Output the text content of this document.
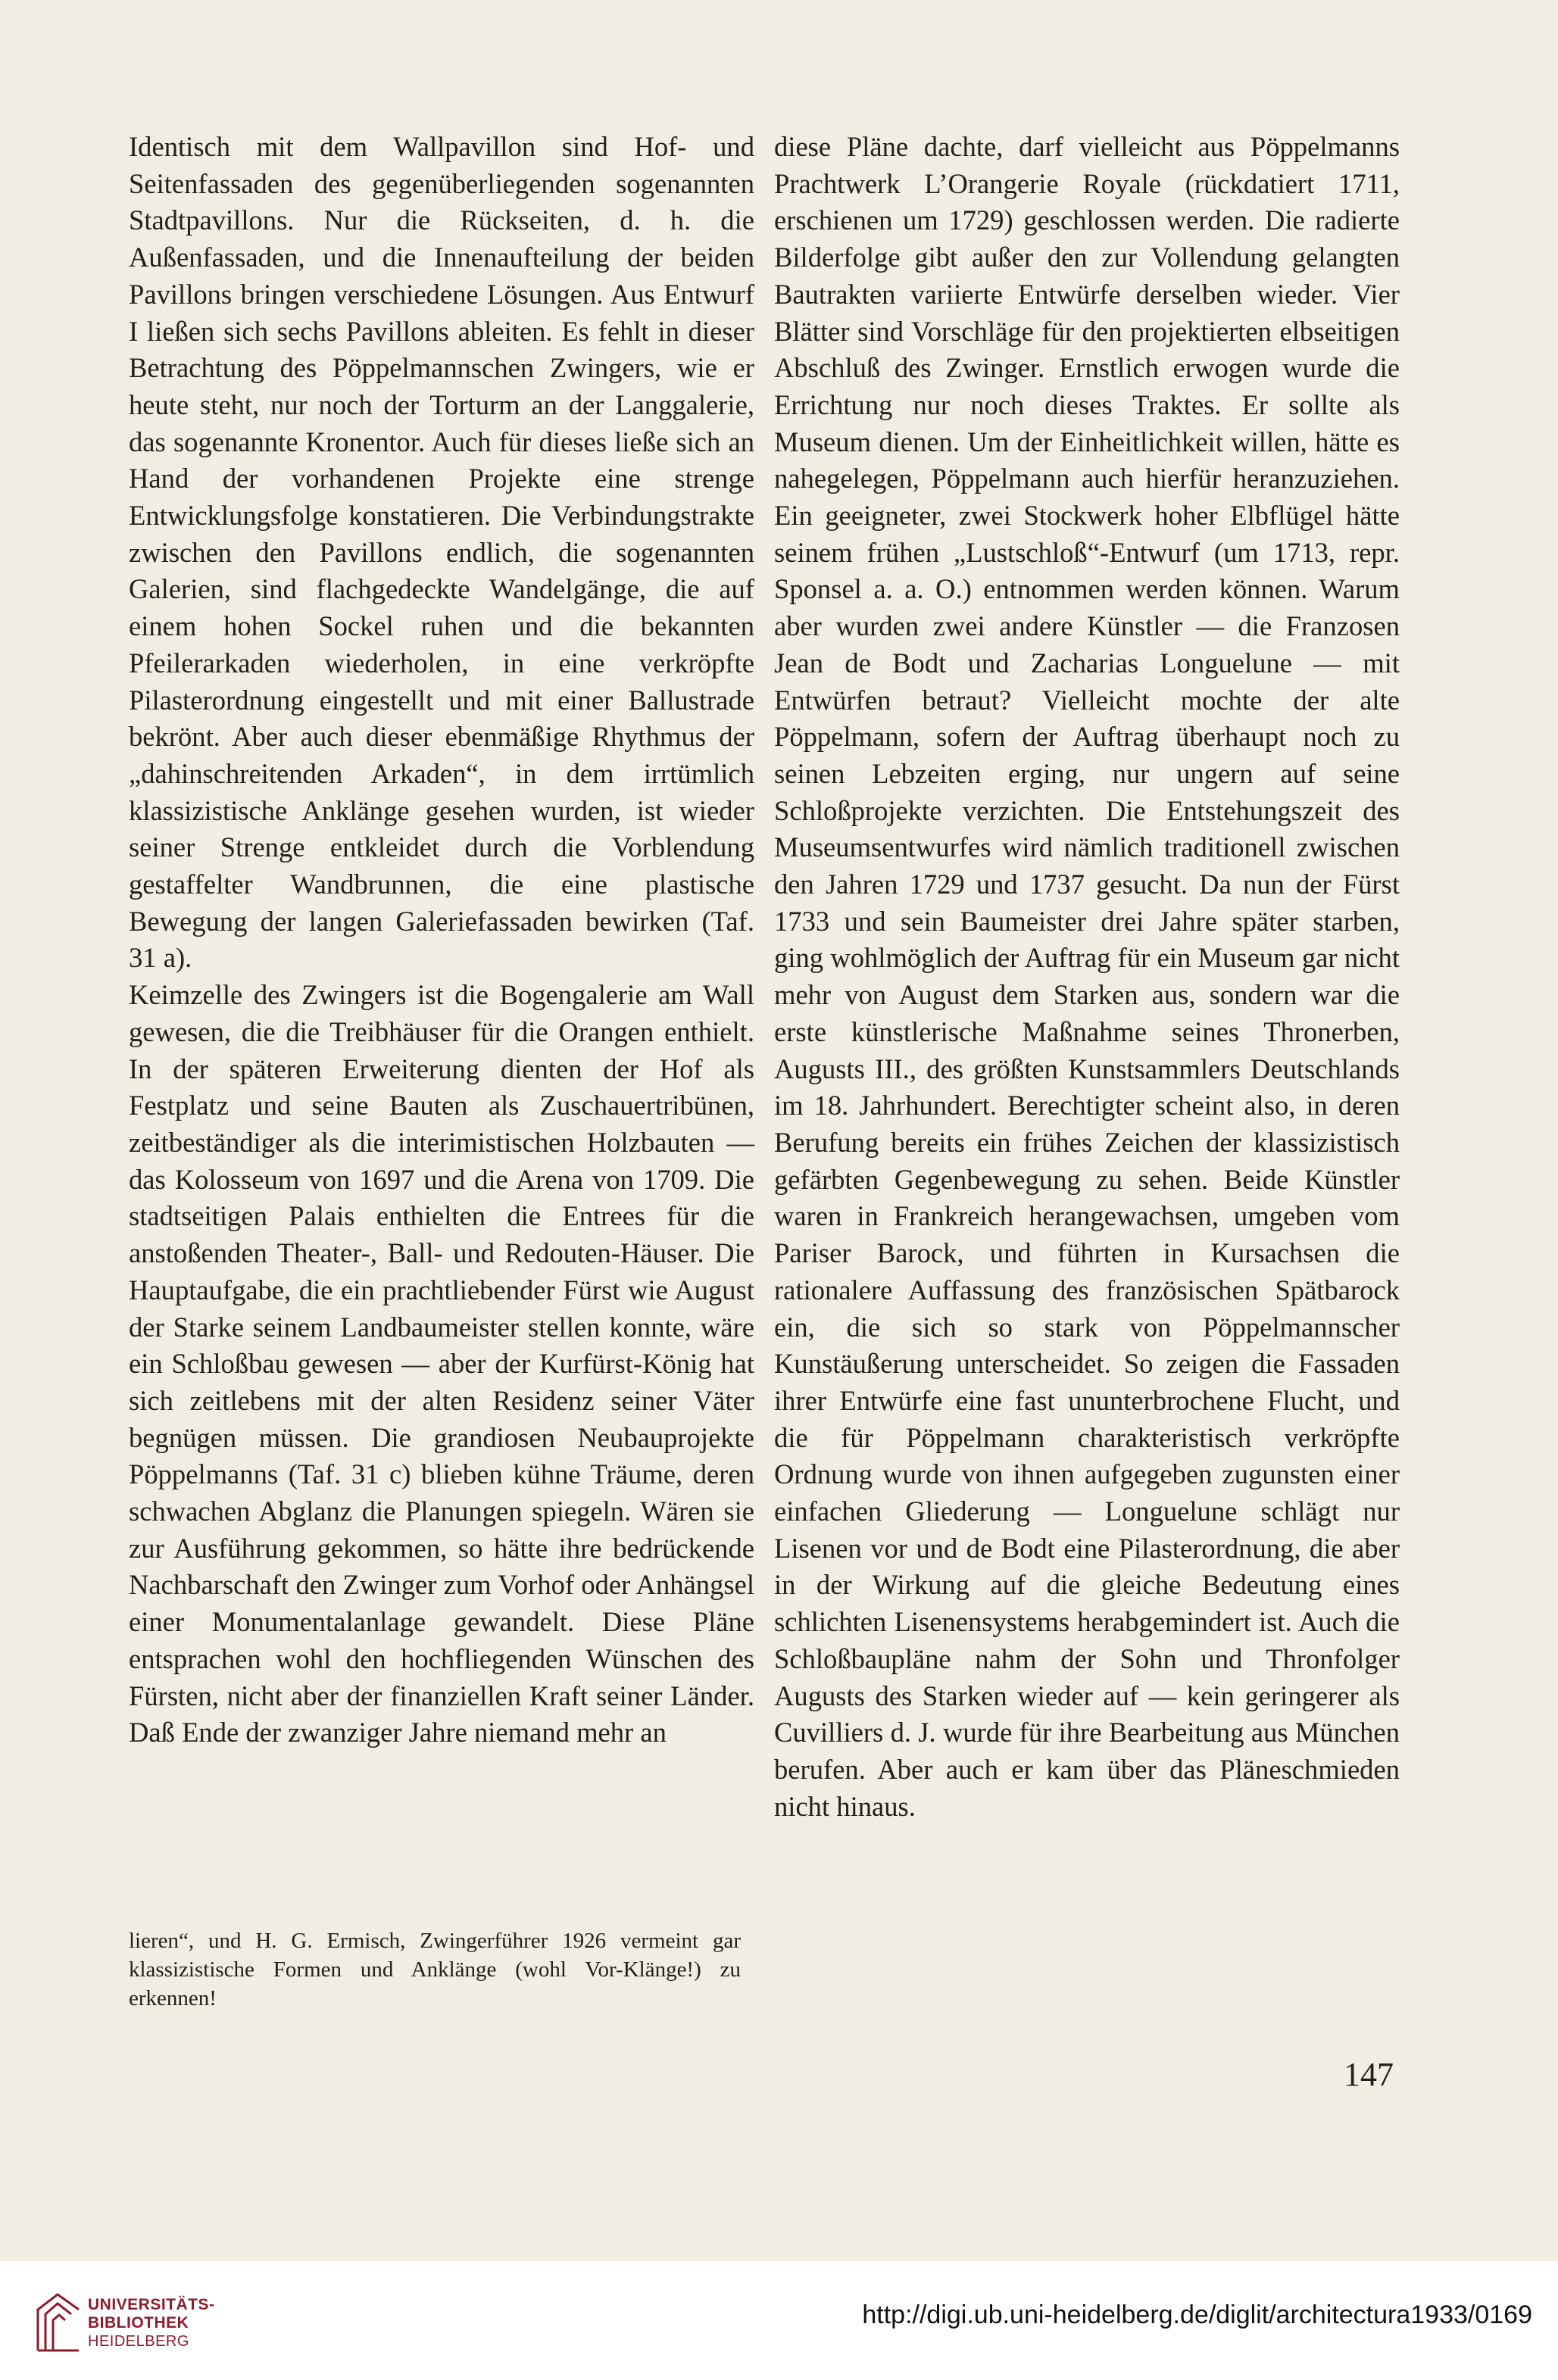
Identisch mit dem Wallpavillon sind Hof- und Seitenfassaden des gegenüberliegenden sogenannten Stadtpavillons. Nur die Rückseiten, d. h. die Außenfassaden, und die Innenaufteilung der beiden Pavillons bringen verschiedene Lösungen. Aus Entwurf I ließen sich sechs Pavillons ableiten. Es fehlt in dieser Betrachtung des Pöppelmannschen Zwingers, wie er heute steht, nur noch der Torturm an der Langgalerie, das sogenannte Kronentor. Auch für dieses ließe sich an Hand der vorhandenen Projekte eine strenge Entwicklungsfolge konstatieren. Die Verbindungstrakte zwischen den Pavillons endlich, die sogenannten Galerien, sind flachgedeckte Wandelgänge, die auf einem hohen Sockel ruhen und die bekannten Pfeilerarkaden wiederholen, in eine verkröpfte Pilasterordnung eingestellt und mit einer Ballustrade bekrönt. Aber auch dieser ebenmäßige Rhythmus der „dahinschreitenden Arkaden“, in dem irrtümlich klassizistische Anklänge gesehen wurden, ist wieder seiner Strenge entkleidet durch die Vorblendung gestaffelter Wandbrunnen, die eine plastische Bewegung der langen Galeriefassaden bewirken (Taf. 31 a).

Keimzelle des Zwingers ist die Bogengalerie am Wall gewesen, die die Treibhäuser für die Orangen enthielt. In der späteren Erweiterung dienten der Hof als Festplatz und seine Bauten als Zuschauertribünen, zeitbeständiger als die interimistischen Holzbauten — das Kolosseum von 1697 und die Arena von 1709. Die stadtseitigen Palais enthielten die Entrees für die anstoßenden Theater-, Ball- und Redouten-Häuser. Die Hauptaufgabe, die ein prachtliebender Fürst wie August der Starke seinem Landbaumeister stellen konnte, wäre ein Schloßbau gewesen — aber der Kurfürst-König hat sich zeitlebens mit der alten Residenz seiner Väter begnügen müssen. Die grandiosen Neubauprojekte Pöppelmanns (Taf. 31 c) blieben kühne Träume, deren schwachen Abglanz die Planungen spiegeln. Wären sie zur Ausführung gekommen, so hätte ihre bedrückende Nachbarschaft den Zwinger zum Vorhof oder Anhängsel einer Monumentalanlage gewandelt. Diese Pläne entsprachen wohl den hochfliegenden Wünschen des Fürsten, nicht aber der finanziellen Kraft seiner Länder. Daß Ende der zwanziger Jahre niemand mehr an

lieren“, und H. G. Ermisch, Zwingerführer 1926 vermeint gar klassizistische Formen und Anklänge (wohl Vor-Klänge!) zu erkennen!

diese Pläne dachte, darf vielleicht aus Pöppelmanns Prachtwerk L’Orangerie Royale (rückdatiert 1711, erschienen um 1729) geschlossen werden. Die radierte Bilderfolge gibt außer den zur Vollendung gelangten Bautrakten variierte Entwürfe derselben wieder. Vier Blätter sind Vorschläge für den projektierten elbseitigen Abschluß des Zwinger. Ernstlich erwogen wurde die Errichtung nur noch dieses Traktes. Er sollte als Museum dienen. Um der Einheitlichkeit willen, hätte es nahegelegen, Pöppelmann auch hierfür heranzuziehen. Ein geeigneter, zwei Stockwerk hoher Elbflügel hätte seinem frühen „Lustschloß“-Entwurf (um 1713, repr. Sponsel a. a. O.) entnommen werden können. Warum aber wurden zwei andere Künstler — die Franzosen Jean de Bodt und Zacharias Longuelune — mit Entwürfen betraut? Vielleicht mochte der alte Pöppelmann, sofern der Auftrag überhaupt noch zu seinen Lebzeiten erging, nur ungern auf seine Schloßprojekte verzichten. Die Entstehungszeit des Museumsentwurfes wird nämlich traditionell zwischen den Jahren 1729 und 1737 gesucht. Da nun der Fürst 1733 und sein Baumeister drei Jahre später starben, ging wohlmöglich der Auftrag für ein Museum gar nicht mehr von August dem Starken aus, sondern war die erste künstlerische Maßnahme seines Thronerben, Augusts III., des größten Kunstsammlers Deutschlands im 18. Jahrhundert. Berechtigter scheint also, in deren Berufung bereits ein frühes Zeichen der klassizistisch gefärbten Gegenbewegung zu sehen. Beide Künstler waren in Frankreich herangewachsen, umgeben vom Pariser Barock, und führten in Kursachsen die rationalere Auffassung des französischen Spätbarock ein, die sich so stark von Pöppelmannscher Kunstäußerung unterscheidet. So zeigen die Fassaden ihrer Entwürfe eine fast ununterbrochene Flucht, und die für Pöppelmann charakteristisch verkröpfte Ordnung wurde von ihnen aufgegeben zugunsten einer einfachen Gliederung — Longuelune schlägt nur Lisenen vor und de Bodt eine Pilasterordnung, die aber in der Wirkung auf die gleiche Bedeutung eines schlichten Lisenensystems herabgemindert ist. Auch die Schloßbaupläne nahm der Sohn und Thronfolger Augusts des Starken wieder auf — kein geringerer als Cuvilliers d. J. wurde für ihre Bearbeitung aus München berufen. Aber auch er kam über das Pläneschmieden nicht hinaus.

147
UNIVERSITÄTS-
BIBLIOTHEK
HEIDELBERG
http://digi.ub.uni-heidelberg.de/diglit/architectura1933/0169
